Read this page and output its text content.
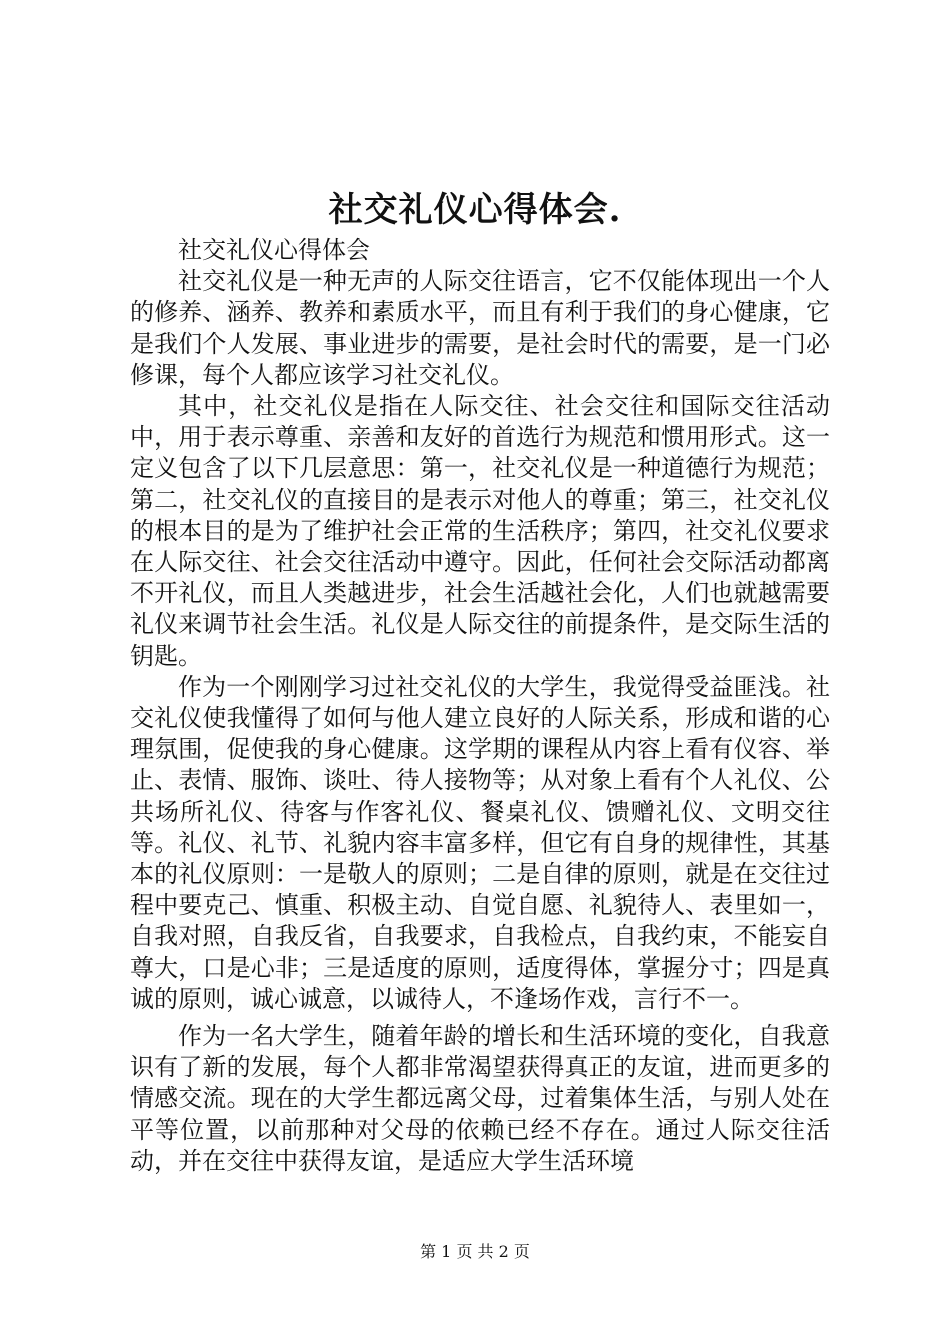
社交礼仪心得体会.

社交礼仪心得体会

社交礼仪是一种无声的人际交往语言，它不仅能体现出一个人的修养、涵养、教养和素质水平，而且有利于我们的身心健康，它是我们个人发展、事业进步的需要，是社会时代的需要，是一门必修课，每个人都应该学习社交礼仪。

其中，社交礼仪是指在人际交往、社会交往和国际交往活动中，用于表示尊重、亲善和友好的首选行为规范和惯用形式。这一定义包含了以下几层意思：第一，社交礼仪是一种道德行为规范；第二，社交礼仪的直接目的是表示对他人的尊重；第三，社交礼仪的根本目的是为了维护社会正常的生活秩序；第四，社交礼仪要求在人际交往、社会交往活动中遵守。因此，任何社会交际活动都离不开礼仪，而且人类越进步，社会生活越社会化，人们也就越需要礼仪来调节社会生活。礼仪是人际交往的前提条件，是交际生活的钥匙。

作为一个刚刚学习过社交礼仪的大学生，我觉得受益匪浅。社交礼仪使我懂得了如何与他人建立良好的人际关系，形成和谐的心理氛围，促使我的身心健康。这学期的课程从内容上看有仪容、举止、表情、服饰、谈吐、待人接物等；从对象上看有个人礼仪、公共场所礼仪、待客与作客礼仪、餐桌礼仪、馈赠礼仪、文明交往等。礼仪、礼节、礼貌内容丰富多样，但它有自身的规律性，其基本的礼仪原则：一是敬人的原则；二是自律的原则，就是在交往过程中要克己、慎重、积极主动、自觉自愿、礼貌待人、表里如一，自我对照，自我反省，自我要求，自我检点，自我约束，不能妄自尊大，口是心非；三是适度的原则，适度得体，掌握分寸；四是真诚的原则，诚心诚意，以诚待人，不逢场作戏，言行不一。

作为一名大学生，随着年龄的增长和生活环境的变化，自我意识有了新的发展，每个人都非常渴望获得真正的友谊，进而更多的情感交流。现在的大学生都远离父母，过着集体生活，与别人处在平等位置，以前那种对父母的依赖已经不存在。通过人际交往活动，并在交往中获得友谊，是适应大学生活环境

第 1 页 共 2 页
